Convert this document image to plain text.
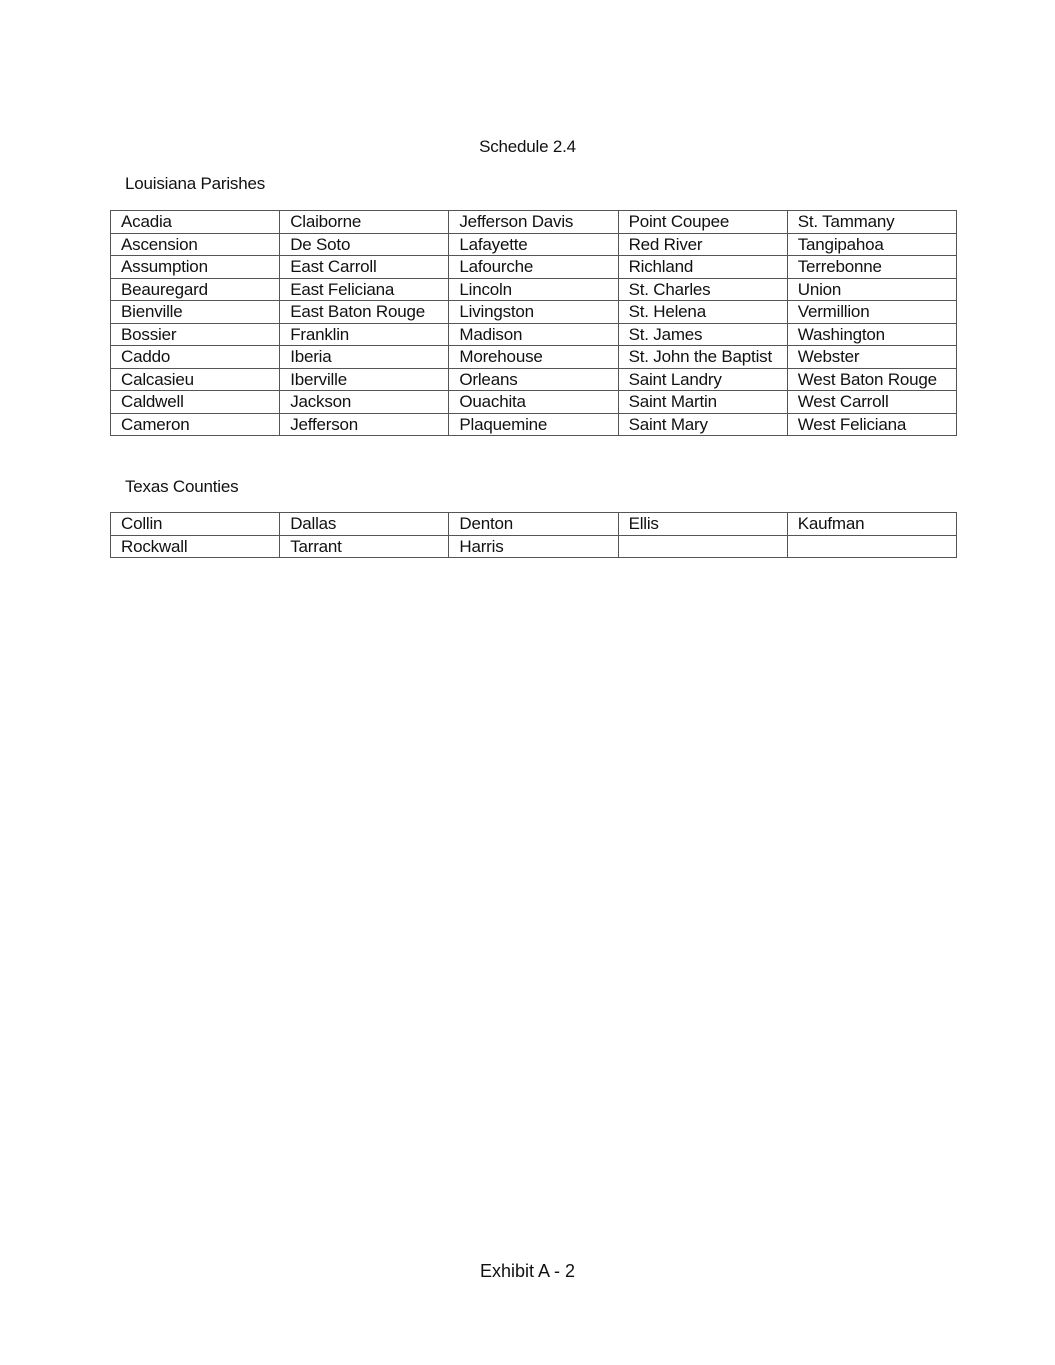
Schedule 2.4
Louisiana Parishes
Acadia	Claiborne	Jefferson Davis	Point Coupee	St. Tammany
Ascension	De Soto	Lafayette	Red River	Tangipahoa
Assumption	East Carroll	Lafourche	Richland	Terrebonne
Beauregard	East Feliciana	Lincoln	St. Charles	Union
Bienville	East Baton Rouge	Livingston	St. Helena	Vermillion
Bossier	Franklin	Madison	St. James	Washington
Caddo	Iberia	Morehouse	St. John the Baptist	Webster
Calcasieu	Iberville	Orleans	Saint Landry	West Baton Rouge
Caldwell	Jackson	Ouachita	Saint Martin	West Carroll
Cameron	Jefferson	Plaquemine	Saint Mary	West Feliciana
Texas Counties
Collin	Dallas	Denton	Ellis	Kaufman
Rockwall	Tarrant	Harris		
Exhibit A - 2
